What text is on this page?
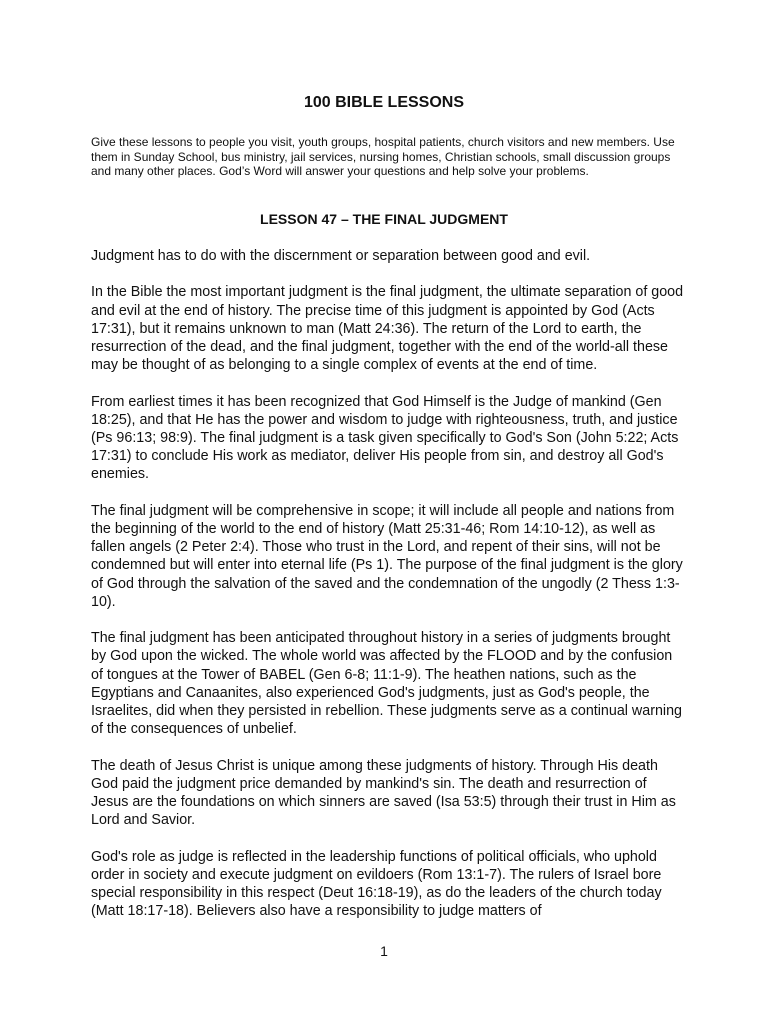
100 BIBLE LESSONS

Give these lessons to people you visit, youth groups, hospital patients, church visitors and new members. Use them in Sunday School, bus ministry, jail services, nursing homes, Christian schools, small discussion groups and many other places. God’s Word will answer your questions and help solve your problems.

LESSON 47 – THE FINAL JUDGMENT

Judgment has to do with the discernment or separation between good and evil.

In the Bible the most important judgment is the final judgment, the ultimate separation of good and evil at the end of history. The precise time of this judgment is appointed by God (Acts 17:31), but it remains unknown to man (Matt 24:36). The return of the Lord to earth, the resurrection of the dead, and the final judgment, together with the end of the world-all these may be thought of as belonging to a single complex of events at the end of time.

From earliest times it has been recognized that God Himself is the Judge of mankind (Gen 18:25), and that He has the power and wisdom to judge with righteousness, truth, and justice (Ps 96:13; 98:9). The final judgment is a task given specifically to God's Son (John 5:22; Acts 17:31) to conclude His work as mediator, deliver His people from sin, and destroy all God's enemies.

The final judgment will be comprehensive in scope; it will include all people and nations from the beginning of the world to the end of history (Matt 25:31-46; Rom 14:10-12), as well as fallen angels (2 Peter 2:4). Those who trust in the Lord, and repent of their sins, will not be condemned but will enter into eternal life (Ps 1). The purpose of the final judgment is the glory of God through the salvation of the saved and the condemnation of the ungodly (2 Thess 1:3-10).

The final judgment has been anticipated throughout history in a series of judgments brought by God upon the wicked. The whole world was affected by the FLOOD and by the confusion of tongues at the Tower of BABEL (Gen 6-8; 11:1-9). The heathen nations, such as the Egyptians and Canaanites, also experienced God's judgments, just as God's people, the Israelites, did when they persisted in rebellion. These judgments serve as a continual warning of the consequences of unbelief.

The death of Jesus Christ is unique among these judgments of history. Through His death God paid the judgment price demanded by mankind's sin. The death and resurrection of Jesus are the foundations on which sinners are saved (Isa 53:5) through their trust in Him as Lord and Savior.

God's role as judge is reflected in the leadership functions of political officials, who uphold order in society and execute judgment on evildoers (Rom 13:1-7). The rulers of Israel bore special responsibility in this respect (Deut 16:18-19), as do the leaders of the church today (Matt 18:17-18). Believers also have a responsibility to judge matters of

1
